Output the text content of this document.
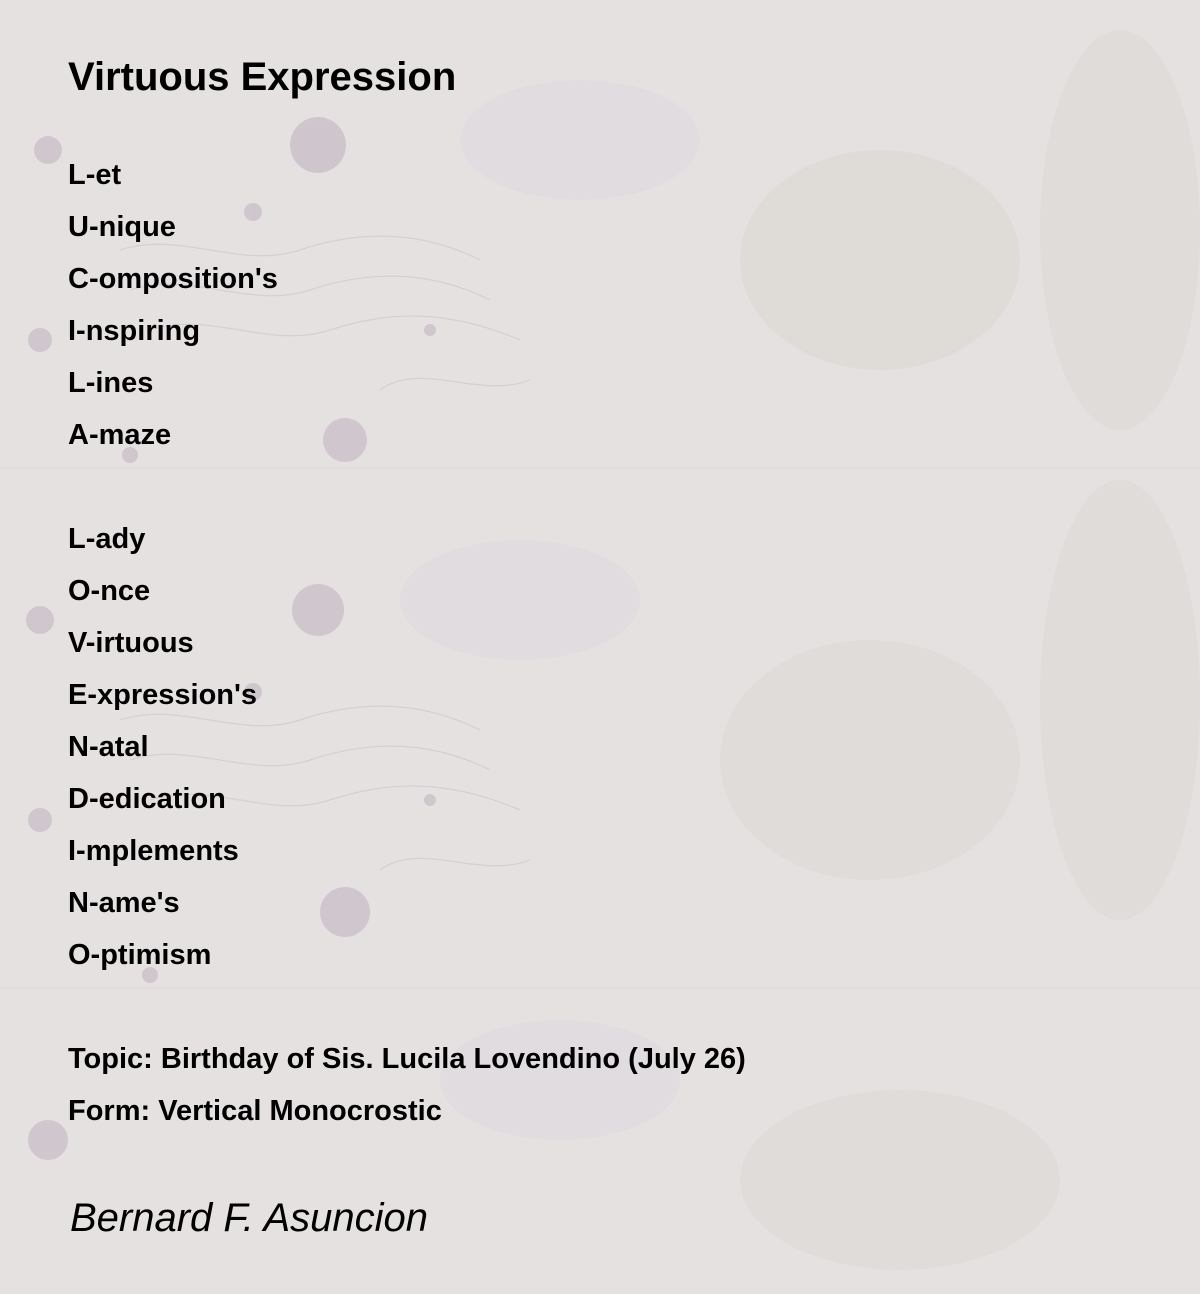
Virtuous Expression
L-et
U-nique
C-omposition's
I-nspiring
L-ines
A-maze
L-ady
O-nce
V-irtuous
E-xpression's
N-atal
D-edication
I-mplements
N-ame's
O-ptimism
Topic: Birthday of Sis. Lucila Lovendino (July 26)
Form: Vertical Monocrostic
Bernard F. Asuncion
